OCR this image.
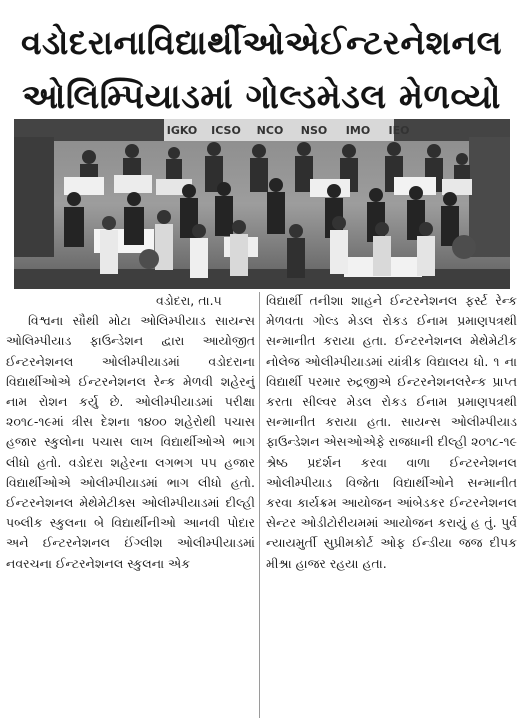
વડોદરાનાવિદ્યાર્થીઓએઈન્ટરનેશનલ
ઓલિમ્પિયાડમાં ગોલ્ડમેડલ મેળવ્યો
IGKO ICSO NCO NSO IMO IEO
વડોદરા, તા.૫

વિશ્વના સૌથી મોટા ઓલિમ્પીયાડ સાયન્સ ઓલિમ્પીયાડ ફાઉન્ડેશન દ્વારા આયોજીત ઈન્ટરનેશનલ ઓલીમ્પીયાડમાં વડોદરાના વિદ્યાર્થીઓએ ઈન્ટરનેશનલ રેન્ક મેળવી શહેરનું નામ રોશન કર્યુ છે. ઓલીમ્પીયાડમાં પરીક્ષા ૨૦૧૮-૧૯માં ત્રીસ દેશના ૧૪૦૦ શહેરોથી પચાસ હજાર સ્કુલોના પચાસ લાખ વિદ્યાર્થીઓએ ભાગ લીધો હતો. વડોદરા શહેરના લગભગ ૫૫ હજાર વિદ્યાર્થીઓએ ઓલીમ્પીયાડમાં ભાગ લીધો હતો. ઈન્ટરનેશનલ મેથેમેટીક્સ ઓલીમ્પીયાડમાં દીલ્હી પબ્લીક સ્કુલના બે વિદ્યાર્થીનીઓ આનવી પોદાર અને ઈન્ટરનેશનલ ઈંગ્લીશ ઓલીમ્પીયાડમાં નવરચના ઈન્ટરનેશનલ સ્કુલના એક

વિદ્યાર્થી તનીશા શાહને ઈન્ટરનેશનલ ફર્સ્ટ રેન્ક મેળવતા ગોલ્ડ મેડલ રોકડ ઈનામ પ્રમાણપત્રથી સન્માનીત કરાયા હતા. ઈન્ટરનેશનલ મેથેમેટીક નોલેજ ઓલીમ્પીયાડમાં યાંત્રીક વિદ્યાલય ધો. ૧ ના વિદ્યાર્થી પરમાર રુદ્રજીએ ઈન્ટરનેશનલરેન્ક પ્રાપ્ત કરતા સીલ્વર મેડલ રોકડ ઈનામ પ્રમાણપત્રથી સન્માનીત કરાયા હતા. સાયન્સ ઓલીમ્પીયાડ ફાઉન્ડેશન એસઓએફે રાજધાની દીલ્હી ૨૦૧૮-૧૯ શ્રેષ્ઠ પ્રદર્શન કરવા વાળા ઈન્ટરનેશનલ ઓલીમ્પીયાડ વિજેતા વિદ્યાર્થીઓને સન્માનીત કરવા કાર્યક્રમ આયોજન આંબેડકર ઈન્ટરનેશનલ સેન્ટર ઓડીટોરીયમમાં આયોજન કરાયું હ તું. પુર્વ ન્યાયમુર્તી સુપ્રીમકોર્ટ ઓફ ઈન્ડીયા જજ દીપક મીશ્રા હાજર રહયા હતા.
